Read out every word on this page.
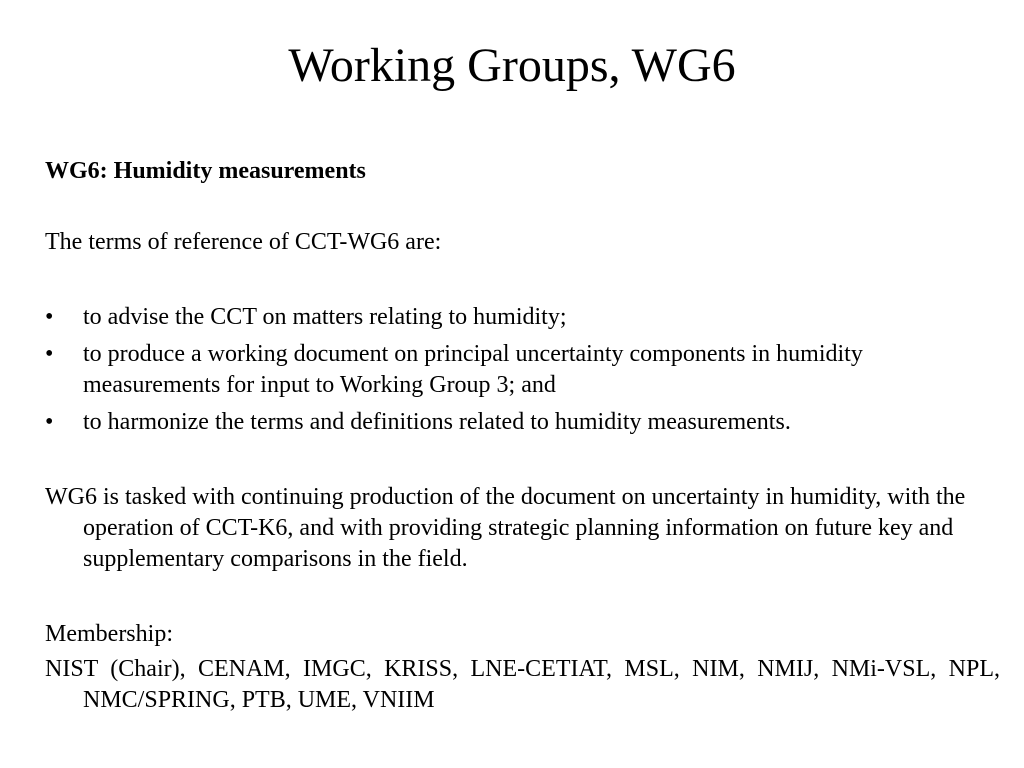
Working Groups, WG6

WG6: Humidity measurements

The terms of reference of CCT-WG6 are:

• to advise the CCT on matters relating to humidity;
• to produce a working document on principal uncertainty components in humidity measurements for input to Working Group 3; and
• to harmonize the terms and definitions related to humidity measurements.

WG6 is tasked with continuing production of the document on uncertainty in humidity, with the operation of CCT-K6, and with providing strategic planning information on future key and supplementary comparisons in the field.

Membership:

NIST (Chair), CENAM, IMGC, KRISS, LNE-CETIAT, MSL, NIM, NMIJ, NMi-VSL, NPL, NMC/SPRING, PTB, UME, VNIIM
